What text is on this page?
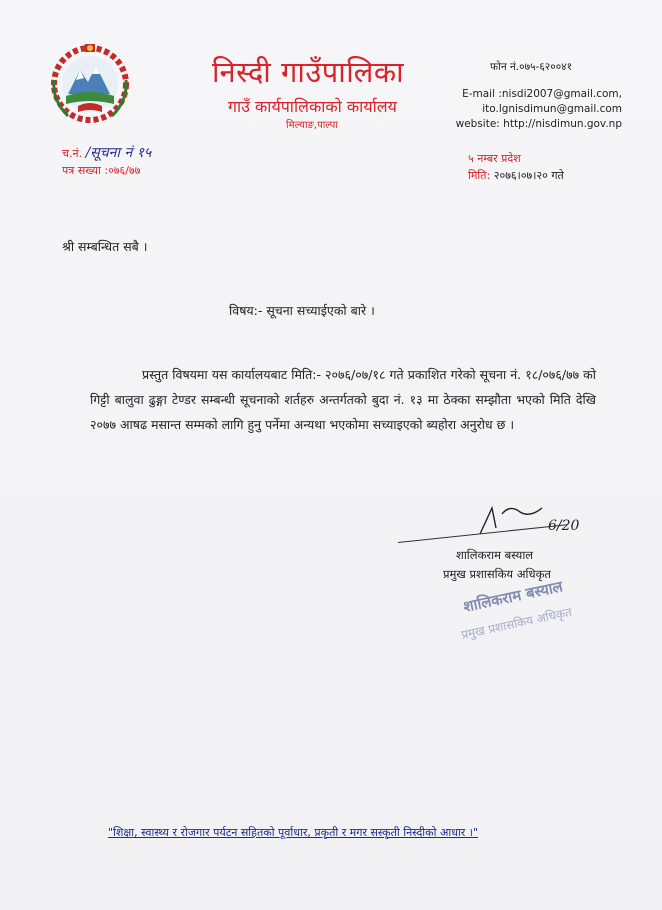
निस्दी गाउँपालिका
गाउँ कार्यपालिकाको कार्यालय
मिल्याङ,पाल्पा
फोन नं.०७५-६२००४१
E-mail :nisdi2007@gmail.com,
ito.lgnisdimun@gmail.com
website: http://nisdimun.gov.np
च.नं. /सूचना नं १५
पत्र सख्या :०७६/७७
५ नम्बर प्रदेश
मिति: २०७६।०७।२० गते
श्री सम्बन्धित सबै ।
विषय:- सूचना सच्याईएको बारे ।
प्रस्तुत विषयमा यस कार्यालयबाट मिति:- २०७६/०७/१८ गते प्रकाशित गरेको सूचना नं. १८/०७६/७७ को गिट्टी बालुवा ढुङ्गा टेण्डर सम्बन्धी सूचनाको शर्तहरु अन्तर्गतको बुदा नं. १३ मा ठेक्का सम्झौता भएको मिति देखि २०७७ आषढ मसान्त सम्मको लागि हुनु पर्नेमा अन्यथा भएकोमा सच्याइएको ब्यहोरा अनुरोध छ ।
6/20
शालिकराम बस्याल
प्रमुख प्रशासकिय अधिकृत
शालिकराम बस्याल
प्रमुख प्रशासकिय अधिकृत
"शिक्षा, स्वास्थ्य र रोजगार पर्यटन सहितको पूर्वाधार, प्रकृती र मगर सस्कृती निस्दीको आधार ।"
